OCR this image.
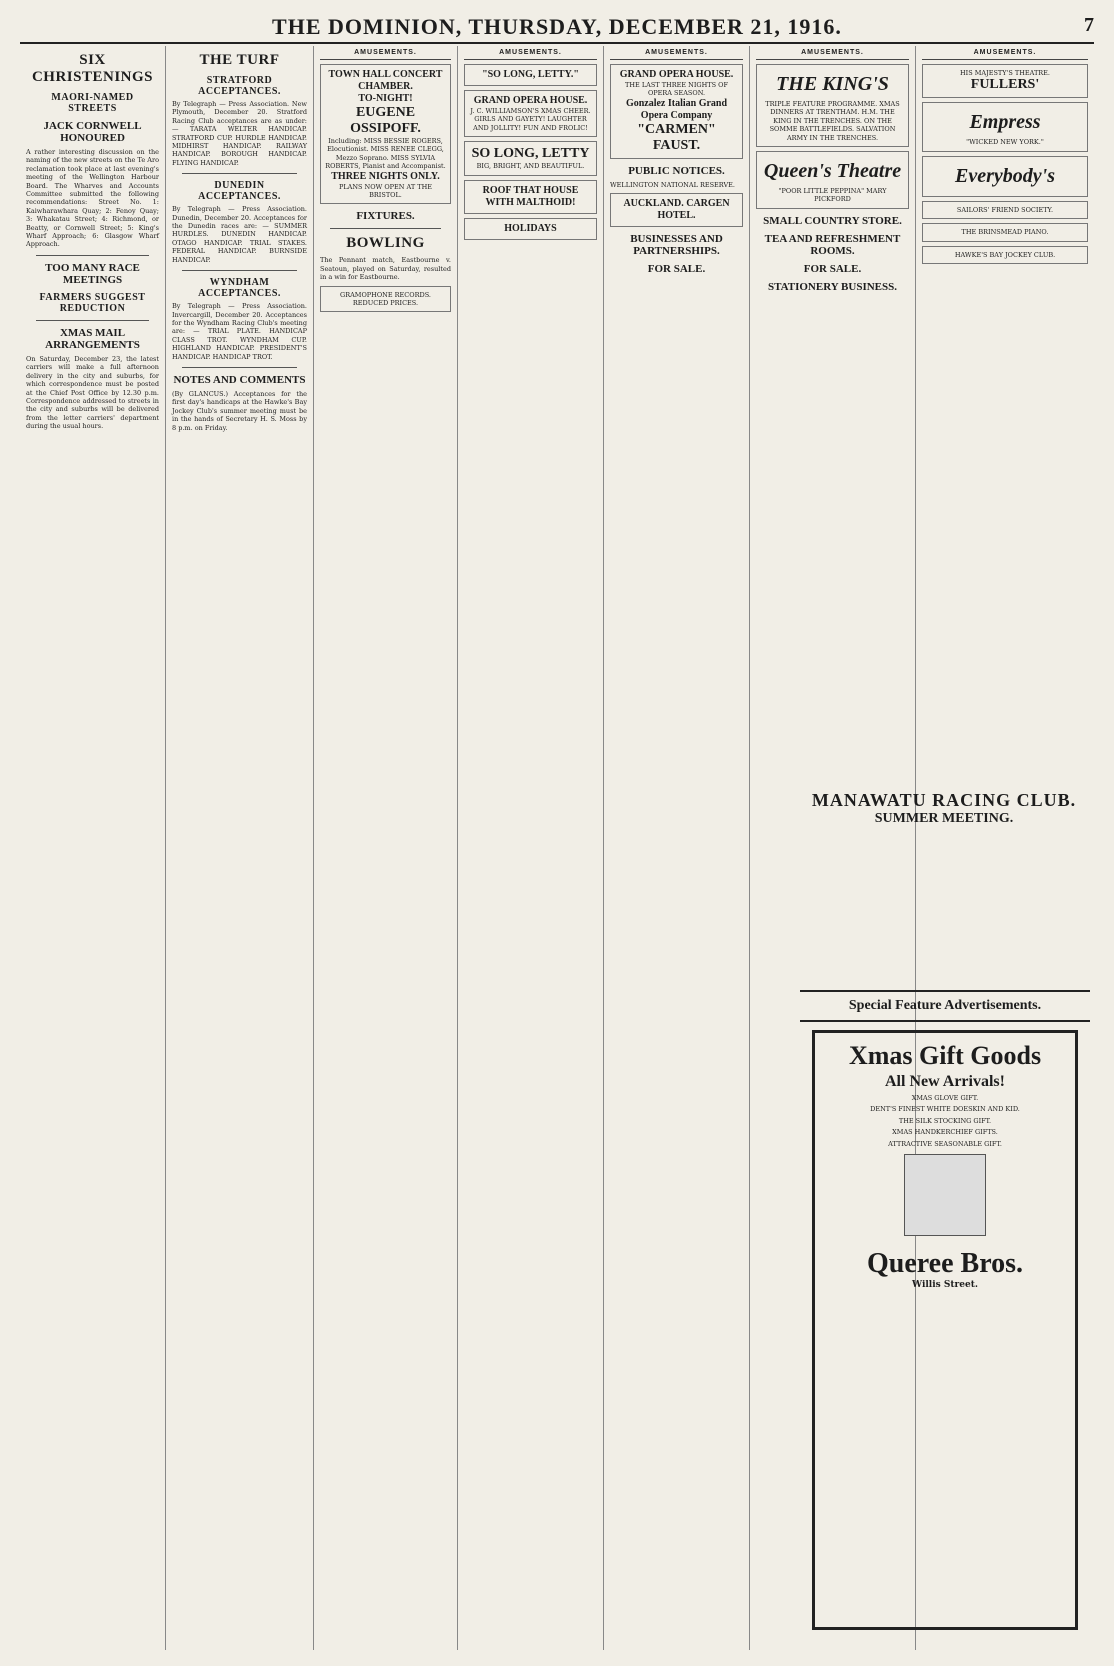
THE DOMINION, THURSDAY, DECEMBER 21, 1916.	7
SIX CHRISTENINGS
MAORI-NAMED STREETS
JACK CORNWELL HONOURED
A rather interesting discussion on the naming of the new streets on the Te Aro reclamation took place at last evening's meeting of the Wellington Harbour Board. The Wharves and Accounts Committee submitted the following recommendations: Street No. 1: Kaiwharawhara Quay; 2: Fenoy Quay; 3: Whakatau Street; 4: Richmond, or Beatty, or Cornwell Street; 5: King's Wharf Approach; 6: Glasgow Wharf Approach.
TOO MANY RACE MEETINGS
FARMERS SUGGEST REDUCTION
XMAS MAIL ARRANGEMENTS
On Saturday, December 23, the latest carriers will make a full afternoon delivery in the city and suburbs, for which correspondence must be posted at the Chief Post Office by 12.30 p.m. Correspondence addressed to streets in the city and suburbs will be delivered from the letter carriers' department during the usual hours.
THE TURF
STRATFORD ACCEPTANCES.
By Telegraph — Press Association. New Plymouth, December 20. Stratford Racing Club acceptances are as under: — TARATA WELTER HANDICAP. STRATFORD CUP. HURDLE HANDICAP. MIDHIRST HANDICAP. RAILWAY HANDICAP. BOROUGH HANDICAP. FLYING HANDICAP.
DUNEDIN ACCEPTANCES.
By Telegraph — Press Association. Dunedin, December 20. Acceptances for the Dunedin races are: — SUMMER HURDLES. DUNEDIN HANDICAP. OTAGO HANDICAP. TRIAL STAKES. FEDERAL HANDICAP. BURNSIDE HANDICAP.
WYNDHAM ACCEPTANCES.
By Telegraph — Press Association. Invercargill, December 20. Acceptances for the Wyndham Racing Club's meeting are: — TRIAL PLATE. HANDICAP CLASS TROT. WYNDHAM CUP. HIGHLAND HANDICAP. PRESIDENT'S HANDICAP. HANDICAP TROT.
NOTES AND COMMENTS
(By GLANCUS.) Acceptances for the first day's handicaps at the Hawke's Bay Jockey Club's summer meeting must be in the hands of Secretary H. S. Moss by 8 p.m. on Friday.
AMUSEMENTS.
TOWN HALL CONCERT CHAMBER.
TO-NIGHT!
EUGENE OSSIPOFF.
Including: MISS BESSIE ROGERS, Elocutionist. MISS RENEE CLEGG, Mezzo Soprano. MISS SYLVIA ROBERTS, Pianist and Accompanist.
THREE NIGHTS ONLY.
PLANS NOW OPEN AT THE BRISTOL.
FIXTURES.
BOWLING
The Pennant match, Eastbourne v. Seatoun, played on Saturday, resulted in a win for Eastbourne.
GRAMOPHONE RECORDS. REDUCED PRICES.
AMUSEMENTS.
"SO LONG, LETTY."
GRAND OPERA HOUSE.
J. C. WILLIAMSON'S XMAS CHEER. GIRLS AND GAYETY! LAUGHTER AND JOLLITY! FUN AND FROLIC!
SO LONG, LETTY
BIG, BRIGHT, AND BEAUTIFUL.
ROOF THAT HOUSE WITH MALTHOID!
HOLIDAYS
AMUSEMENTS.
GRAND OPERA HOUSE.
THE LAST THREE NIGHTS OF OPERA SEASON.
Gonzalez Italian Grand Opera Company
"CARMEN"
FAUST.
PUBLIC NOTICES.
WELLINGTON NATIONAL RESERVE.
AUCKLAND. CARGEN HOTEL.
BUSINESSES AND PARTNERSHIPS.
FOR SALE.
AMUSEMENTS.
THE KING'S
TRIPLE FEATURE PROGRAMME. XMAS DINNERS AT TRENTHAM. H.M. THE KING IN THE TRENCHES. ON THE SOMME BATTLEFIELDS. SALVATION ARMY IN THE TRENCHES.
Queen's Theatre
"POOR LITTLE PEPPINA" MARY PICKFORD
SMALL COUNTRY STORE.
TEA AND REFRESHMENT ROOMS.
FOR SALE.
STATIONERY BUSINESS.
AMUSEMENTS.
HIS MAJESTY'S THEATRE.
FULLERS'
Empress
"WICKED NEW YORK."
Everybody's
SAILORS' FRIEND SOCIETY.
THE BRINSMEAD PIANO.
HAWKE'S BAY JOCKEY CLUB.
MANAWATU RACING CLUB.
SUMMER MEETING.
Special Feature Advertisements.
Xmas Gift Goods
All New Arrivals!
XMAS GLOVE GIFT.
DENT'S FINEST WHITE DOESKIN AND KID.
THE SILK STOCKING GIFT.
XMAS HANDKERCHIEF GIFTS.
ATTRACTIVE SEASONABLE GIFT.
Queree Bros.
Willis Street.
